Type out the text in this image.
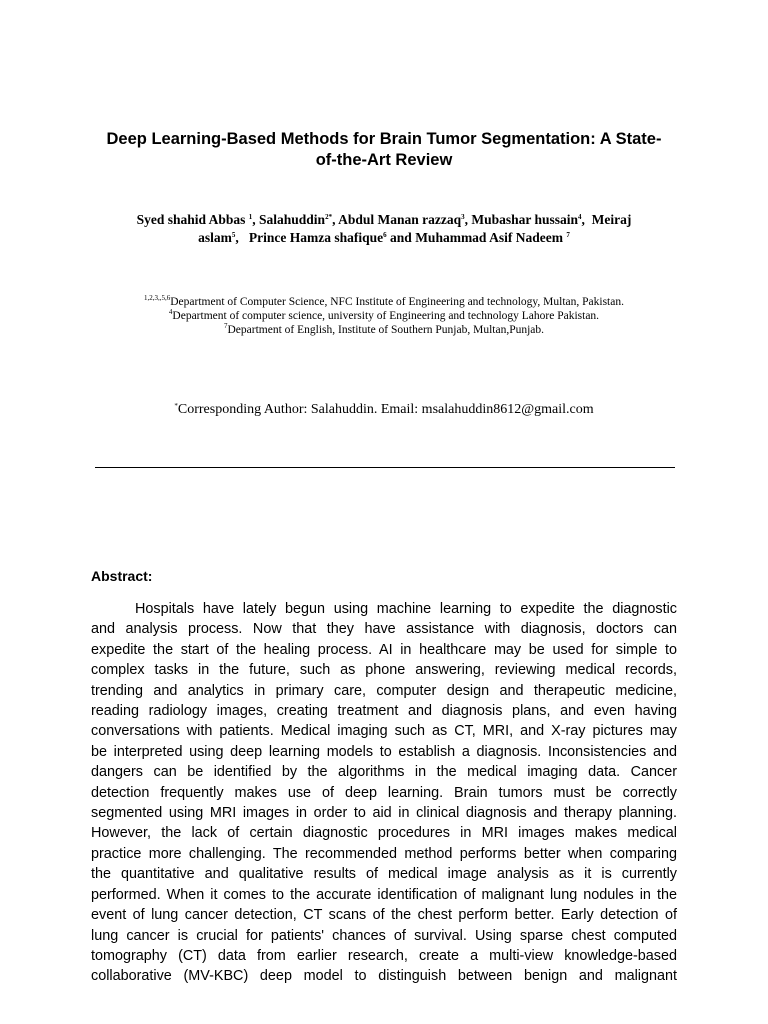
Deep Learning-Based Methods for Brain Tumor Segmentation: A State-
of-the-Art Review
Syed shahid Abbas $^1$, Salahuddin$^{2*}$, Abdul Manan razzaq$^3$, Mubashar hussain$^4$,  Meiraj
aslam$^5$,   Prince Hamza shafique$^6$ and Muhammad Asif Nadeem $^7$
$^{1,2,3,,5,6}$Department of Computer Science, NFC Institute of Engineering and technology, Multan, Pakistan.
$^4$Department of computer science, university of Engineering and technology Lahore Pakistan.
$^7$Department of English, Institute of Southern Punjab, Multan,Punjab.
*Corresponding Author: Salahuddin. Email: msalahuddin8612@gmail.com
Abstract:
Hospitals have lately begun using machine learning to expedite the diagnostic
and analysis process. Now that they have assistance with diagnosis, doctors can
expedite the start of the healing process. AI in healthcare may be used for simple to
complex tasks in the future, such as phone answering, reviewing medical records,
trending and analytics in primary care, computer design and therapeutic medicine,
reading radiology images, creating treatment and diagnosis plans, and even having
conversations with patients. Medical imaging such as CT, MRI, and X-ray pictures may
be interpreted using deep learning models to establish a diagnosis. Inconsistencies and
dangers can be identified by the algorithms in the medical imaging data. Cancer
detection frequently makes use of deep learning. Brain tumors must be correctly
segmented using MRI images in order to aid in clinical diagnosis and therapy planning.
However, the lack of certain diagnostic procedures in MRI images makes medical
practice more challenging. The recommended method performs better when comparing
the quantitative and qualitative results of medical image analysis as it is currently
performed. When it comes to the accurate identification of malignant lung nodules in the
event of lung cancer detection, CT scans of the chest perform better. Early detection of
lung cancer is crucial for patients' chances of survival. Using sparse chest computed
tomography (CT) data from earlier research, create a multi-view knowledge-based
collaborative (MV-KBC) deep model to distinguish between benign and malignant
